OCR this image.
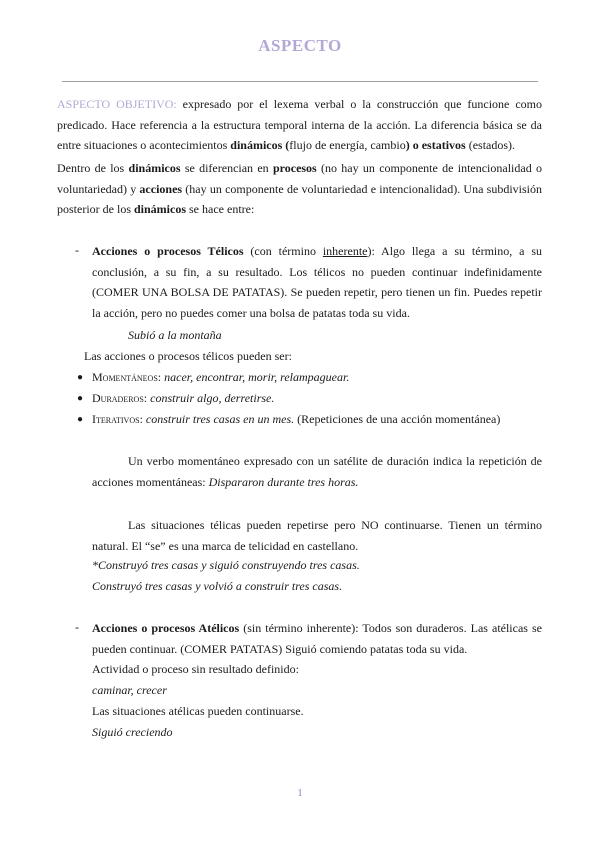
ASPECTO

ASPECTO OBJETIVO: expresado por el lexema verbal o la construcción que funcione como predicado. Hace referencia a la estructura temporal interna de la acción. La diferencia básica se da entre situaciones o acontecimientos dinámicos (flujo de energía, cambio) o estativos (estados).

Dentro de los dinámicos se diferencian en procesos (no hay un componente de intencionalidad o voluntariedad) y acciones (hay un componente de voluntariedad e intencionalidad). Una subdivisión posterior de los dinámicos se hace entre:

- Acciones o procesos Télicos (con término inherente): Algo llega a su término, a su conclusión, a su fin, a su resultado. Los télicos no pueden continuar indefinidamente (COMER UNA BOLSA DE PATATAS). Se pueden repetir, pero tienen un fin. Puedes repetir la acción, pero no puedes comer una bolsa de patatas toda su vida.

Subió a la montaña

Las acciones o procesos télicos pueden ser:

● Momentáneos: nacer, encontrar, morir, relampaguear.

● Duraderos: construir algo, derretirse.

● Iterativos: construir tres casas en un mes. (Repeticiones de una acción momentánea)

Un verbo momentáneo expresado con un satélite de duración indica la repetición de acciones momentáneas: Dispararon durante tres horas.

Las situaciones télicas pueden repetirse pero NO continuarse. Tienen un término natural. El “se” es una marca de telicidad en castellano.

*Construyó tres casas y siguió construyendo tres casas.

Construyó tres casas y volvió a construir tres casas.

- Acciones o procesos Atélicos (sin término inherente): Todos son duraderos. Las atélicas se pueden continuar. (COMER PATATAS) Siguió comiendo patatas toda su vida.

Actividad o proceso sin resultado definido:

caminar, crecer

Las situaciones atélicas pueden continuarse.

Siguió creciendo

1
